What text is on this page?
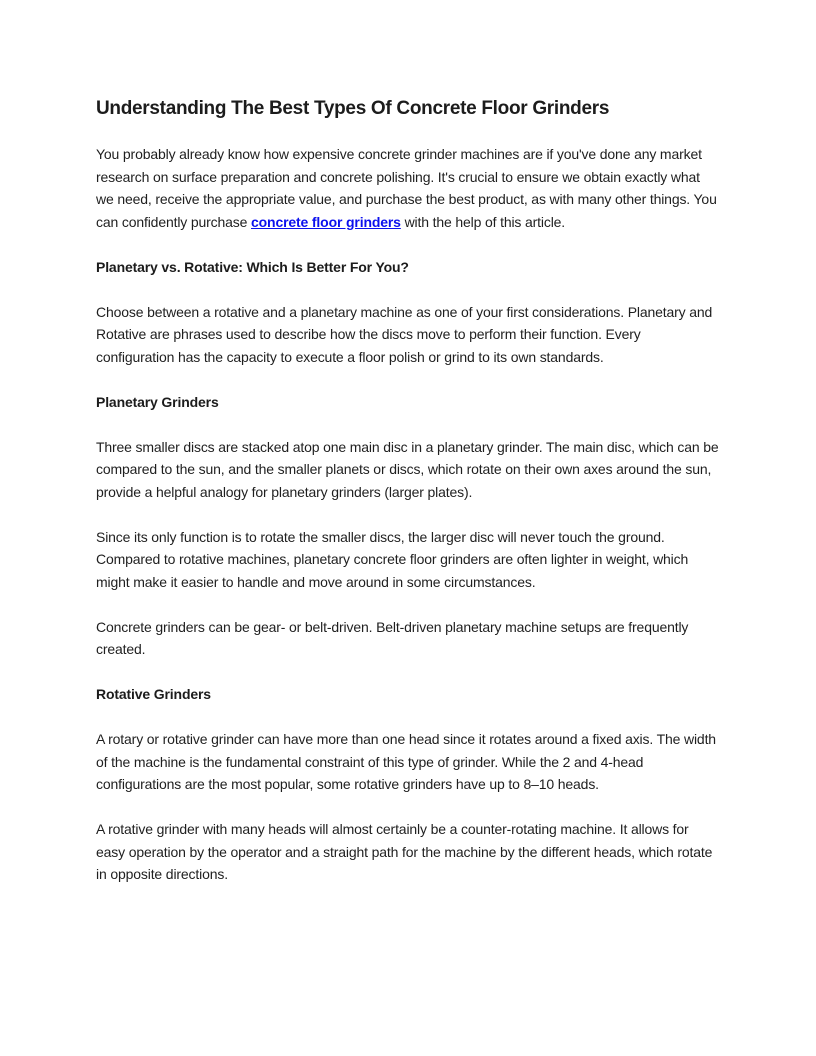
Understanding The Best Types Of Concrete Floor Grinders

You probably already know how expensive concrete grinder machines are if you've done any market research on surface preparation and concrete polishing. It's crucial to ensure we obtain exactly what we need, receive the appropriate value, and purchase the best product, as with many other things. You can confidently purchase concrete floor grinders with the help of this article.

Planetary vs. Rotative: Which Is Better For You?

Choose between a rotative and a planetary machine as one of your first considerations. Planetary and Rotative are phrases used to describe how the discs move to perform their function. Every configuration has the capacity to execute a floor polish or grind to its own standards.

Planetary Grinders

Three smaller discs are stacked atop one main disc in a planetary grinder. The main disc, which can be compared to the sun, and the smaller planets or discs, which rotate on their own axes around the sun, provide a helpful analogy for planetary grinders (larger plates).

Since its only function is to rotate the smaller discs, the larger disc will never touch the ground. Compared to rotative machines, planetary concrete floor grinders are often lighter in weight, which might make it easier to handle and move around in some circumstances.

Concrete grinders can be gear- or belt-driven. Belt-driven planetary machine setups are frequently created.

Rotative Grinders

A rotary or rotative grinder can have more than one head since it rotates around a fixed axis. The width of the machine is the fundamental constraint of this type of grinder. While the 2 and 4-head configurations are the most popular, some rotative grinders have up to 8–10 heads.

A rotative grinder with many heads will almost certainly be a counter-rotating machine. It allows for easy operation by the operator and a straight path for the machine by the different heads, which rotate in opposite directions.
